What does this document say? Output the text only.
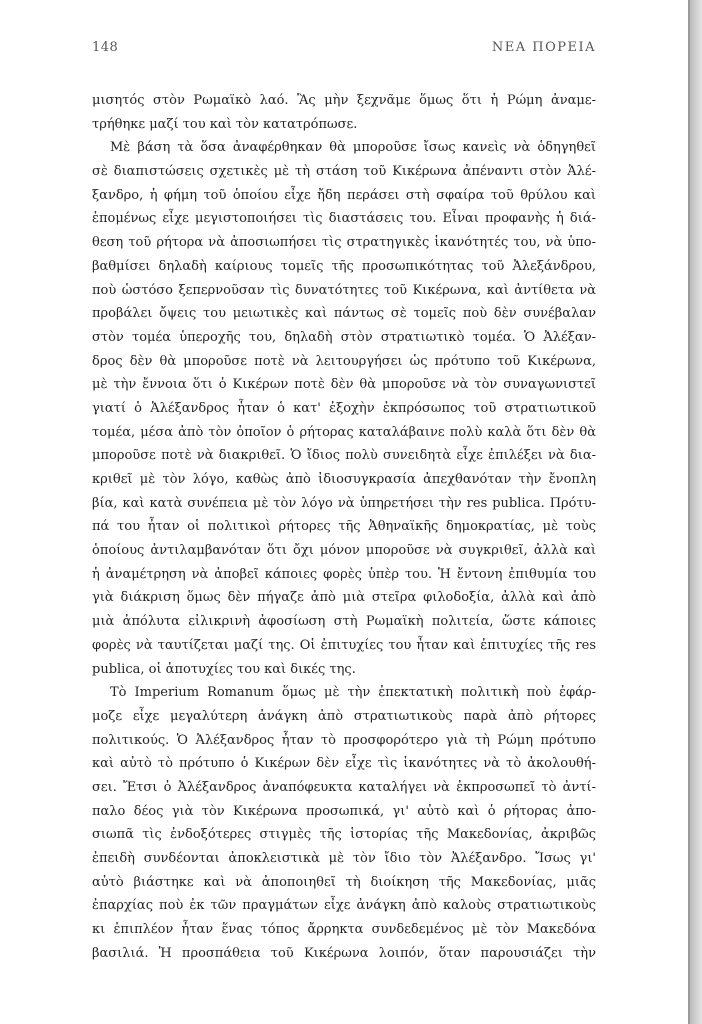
148	ΝΕΑ ΠΟΡΕΙΑ
μισητός στὸν Ρωμαϊκὸ λαό. Ἂς μὴν ξεχνᾶμε ὅμως ὅτι ἡ Ρώμη ἀναμε-
τρήθηκε μαζί του καὶ τὸν κατατρόπωσε.
Μὲ βάση τὰ ὅσα ἀναφέρθηκαν θὰ μποροῦσε ἴσως κανεὶς νὰ ὁδηγηθεῖ
σὲ διαπιστώσεις σχετικὲς μὲ τὴ στάση τοῦ Κικέρωνα ἀπέναντι στὸν Ἀλέ-
ξανδρο, ἡ φήμη τοῦ ὁποίου εἶχε ἤδη περάσει στὴ σφαίρα τοῦ θρύλου καὶ
ἑπομένως εἶχε μεγιστοποιήσει τὶς διαστάσεις του. Εἶναι προφανὴς ἡ διά-
θεση τοῦ ρήτορα νὰ ἀποσιωπήσει τὶς στρατηγικὲς ἱκανότητές του, νὰ ὑπο-
βαθμίσει δηλαδὴ καίριους τομεῖς τῆς προσωπικότητας τοῦ Ἀλεξάνδρου,
ποὺ ὡστόσο ξεπερνοῦσαν τὶς δυνατότητες τοῦ Κικέρωνα, καὶ ἀντίθετα νὰ
προβάλει ὄψεις του μειωτικὲς καὶ πάντως σὲ τομεῖς ποὺ δὲν συνέβαλαν
στὸν τομέα ὑπεροχῆς του, δηλαδὴ στὸν στρατιωτικὸ τομέα. Ὁ Ἀλέξαν-
δρος δὲν θὰ μποροῦσε ποτὲ νὰ λειτουργήσει ὡς πρότυπο τοῦ Κικέρωνα,
μὲ τὴν ἔννοια ὅτι ὁ Κικέρων ποτὲ δὲν θὰ μποροῦσε νὰ τὸν συναγωνιστεῖ
γιατί ὁ Ἀλέξανδρος ἦταν ὁ κατ' ἐξοχὴν ἐκπρόσωπος τοῦ στρατιωτικοῦ
τομέα, μέσα ἀπὸ τὸν ὁποῖον ὁ ρήτορας καταλάβαινε πολὺ καλὰ ὅτι δὲν θὰ
μποροῦσε ποτὲ νὰ διακριθεῖ. Ὁ ἴδιος πολὺ συνειδητὰ εἶχε ἐπιλέξει νὰ δια-
κριθεῖ μὲ τὸν λόγο, καθὼς ἀπὸ ἰδιοσυγκρασία ἀπεχθανόταν τὴν ἔνοπλη
βία, καὶ κατὰ συνέπεια μὲ τὸν λόγο νὰ ὑπηρετήσει τὴν res publica. Πρότυ-
πά του ἦταν οἱ πολιτικοὶ ρήτορες τῆς Ἀθηναϊκῆς δημοκρατίας, μὲ τοὺς
ὁποίους ἀντιλαμβανόταν ὅτι ὄχι μόνον μποροῦσε νὰ συγκριθεῖ, ἀλλὰ καὶ
ἡ ἀναμέτρηση νὰ ἀποβεῖ κάποιες φορὲς ὑπὲρ του. Ἡ ἔντονη ἐπιθυμία του
γιὰ διάκριση ὅμως δὲν πήγαζε ἀπὸ μιὰ στεῖρα φιλοδοξία, ἀλλὰ καὶ ἀπὸ
μιὰ ἀπόλυτα εἰλικρινὴ ἀφοσίωση στὴ Ρωμαϊκὴ πολιτεία, ὥστε κάποιες
φορὲς νὰ ταυτίζεται μαζί της. Οἱ ἐπιτυχίες του ἦταν καὶ ἐπιτυχίες τῆς res
publica, οἱ ἀποτυχίες του καὶ δικές της.
Τὸ Imperium Romanum ὅμως μὲ τὴν ἐπεκτατικὴ πολιτικὴ ποὺ ἐφάρ-
μοζε εἶχε μεγαλύτερη ἀνάγκη ἀπὸ στρατιωτικοὺς παρὰ ἀπὸ ρήτορες
πολιτικούς. Ὁ Ἀλέξανδρος ἦταν τὸ προσφορότερο γιὰ τὴ Ρώμη πρότυπο
καὶ αὐτὸ τὸ πρότυπο ὁ Κικέρων δὲν εἶχε τὶς ἱκανότητες νὰ τὸ ἀκολουθή-
σει. Ἔτσι ὁ Ἀλέξανδρος ἀναπόφευκτα καταλήγει νὰ ἐκπροσωπεῖ τὸ ἀντί-
παλο δέος γιὰ τὸν Κικέρωνα προσωπικά, γι' αὐτὸ καὶ ὁ ρήτορας ἀπο-
σιωπᾶ τὶς ἐνδοξότερες στιγμὲς τῆς ἱστορίας τῆς Μακεδονίας, ἀκριβῶς
ἐπειδὴ συνδέονται ἀποκλειστικὰ μὲ τὸν ἴδιο τὸν Ἀλέξανδρο. Ἴσως γι'
αὐτὸ βιάστηκε καὶ νὰ ἀποποιηθεῖ τὴ διοίκηση τῆς Μακεδονίας, μιᾶς
ἐπαρχίας ποὺ ἐκ τῶν πραγμάτων εἶχε ἀνάγκη ἀπὸ καλοὺς στρατιωτικοὺς
κι ἐπιπλέον ἦταν ἕνας τόπος ἄρρηκτα συνδεδεμένος μὲ τὸν Μακεδόνα
βασιλιά. Ἡ προσπάθεια τοῦ Κικέρωνα λοιπόν, ὅταν παρουσιάζει τὴν
